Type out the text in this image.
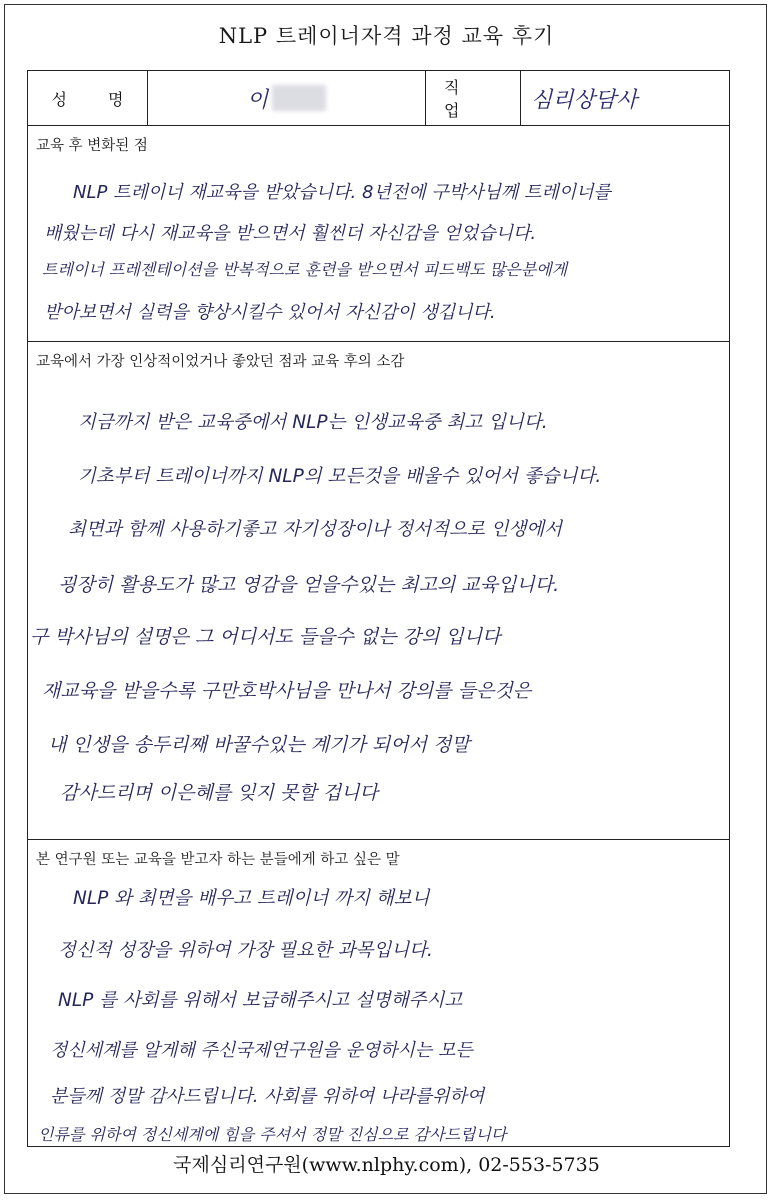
NLP 트레이너자격 과정 교육 후기
성 명	이	직 업	심리상담사
교육 후 변화된 점
NLP 트레이너 재교육을 받았습니다. 8년전에 구박사님께 트레이너를
배웠는데 다시 재교육을 받으면서 훨씬더 자신감을 얻었습니다.
트레이너 프레젠테이션을 반복적으로 훈련을 받으면서 피드백도 많은분에게
받아보면서 실력을 향상시킬수 있어서 자신감이 생깁니다.
교육에서 가장 인상적이었거나 좋았던 점과 교육 후의 소감
지금까지 받은 교육중에서 NLP는 인생교육중 최고 입니다.
기초부터 트레이너까지 NLP의 모든것을 배울수 있어서 좋습니다.
최면과 함께 사용하기좋고 자기성장이나 정서적으로 인생에서
굉장히 활용도가 많고 영감을 얻을수있는 최고의 교육입니다.
구 박사님의 설명은 그 어디서도 들을수 없는 강의 입니다
재교육을 받을수록 구만호박사님을 만나서 강의를 들은것은
내 인생을 송두리째 바꿀수있는 계기가 되어서 정말
감사드리며 이은혜를 잊지 못할 겁니다
본 연구원 또는 교육을 받고자 하는 분들에게 하고 싶은 말
NLP 와 최면을 배우고 트레이너 까지 해보니
정신적 성장을 위하여 가장 필요한 과목입니다.
NLP 를 사회를 위해서 보급해주시고 설명해주시고
정신세계를 알게해 주신국제연구원을 운영하시는 모든
분들께 정말 감사드립니다. 사회를 위하여 나라를위하여
인류를 위하여 정신세계에 힘을 주셔서 정말 진심으로 감사드립니다
국제심리연구원(www.nlphy.com), 02-553-5735
